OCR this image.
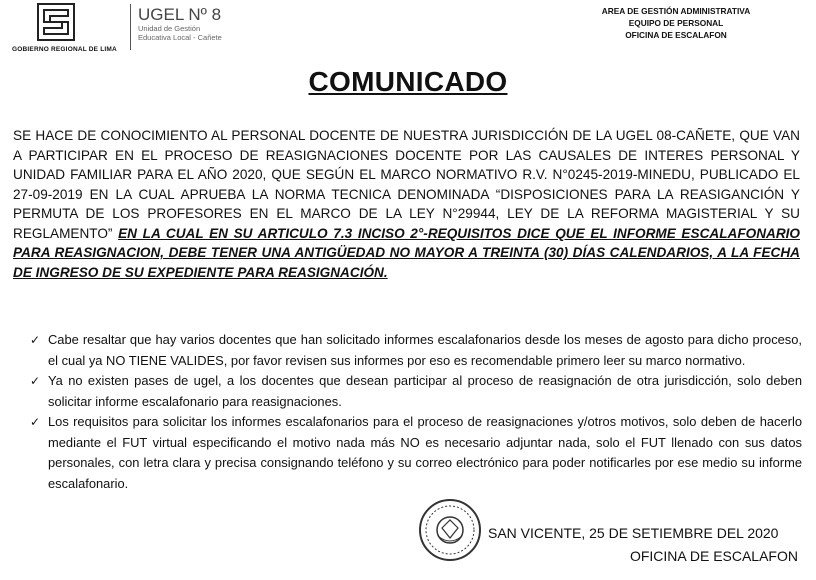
GOBIERNO REGIONAL DE LIMA
UGEL Nº 8
Unidad de Gestión
Educativa Local - Cañete
AREA DE GESTIÓN ADMINISTRATIVA
EQUIPO DE PERSONAL
OFICINA DE ESCALAFON
COMUNICADO
SE HACE DE CONOCIMIENTO AL PERSONAL DOCENTE DE NUESTRA JURISDICCIÓN DE LA UGEL 08-CAÑETE, QUE VAN A PARTICIPAR EN EL PROCESO DE REASIGNACIONES DOCENTE POR LAS CAUSALES DE INTERES PERSONAL Y UNIDAD FAMILIAR PARA EL AÑO 2020, QUE SEGÚN EL MARCO NORMATIVO R.V. N°0245-2019-MINEDU, PUBLICADO EL 27-09-2019 EN LA CUAL APRUEBA LA NORMA TECNICA DENOMINADA “DISPOSICIONES PARA LA REASIGANCIÓN Y PERMUTA DE LOS PROFESORES EN EL MARCO DE LA LEY N°29944, LEY DE LA REFORMA MAGISTERIAL Y SU REGLAMENTO” EN LA CUAL EN SU ARTICULO 7.3 INCISO 2°-REQUISITOS DICE QUE EL INFORME ESCALAFONARIO PARA REASIGNACION, DEBE TENER UNA ANTIGÜEDAD NO MAYOR A TREINTA (30) DÍAS CALENDARIOS, A LA FECHA DE INGRESO DE SU EXPEDIENTE PARA REASIGNACIÓN.
✓ Cabe resaltar que hay varios docentes que han solicitado informes escalafonarios desde los meses de agosto para dicho proceso, el cual ya NO TIENE VALIDES, por favor revisen sus informes por eso es recomendable primero leer su marco normativo.
✓ Ya no existen pases de ugel, a los docentes que desean participar al proceso de reasignación de otra jurisdicción, solo deben solicitar informe escalafonario para reasignaciones.
✓ Los requisitos para solicitar los informes escalafonarios para el proceso de reasignaciones y/otros motivos, solo deben de hacerlo mediante el FUT virtual especificando el motivo nada más NO es necesario adjuntar nada, solo el FUT llenado con sus datos personales, con letra clara y precisa consignando teléfono y su correo electrónico para poder notificarles por ese medio su informe escalafonario.
SAN VICENTE, 25 DE SETIEMBRE DEL 2020
OFICINA DE ESCALAFON
